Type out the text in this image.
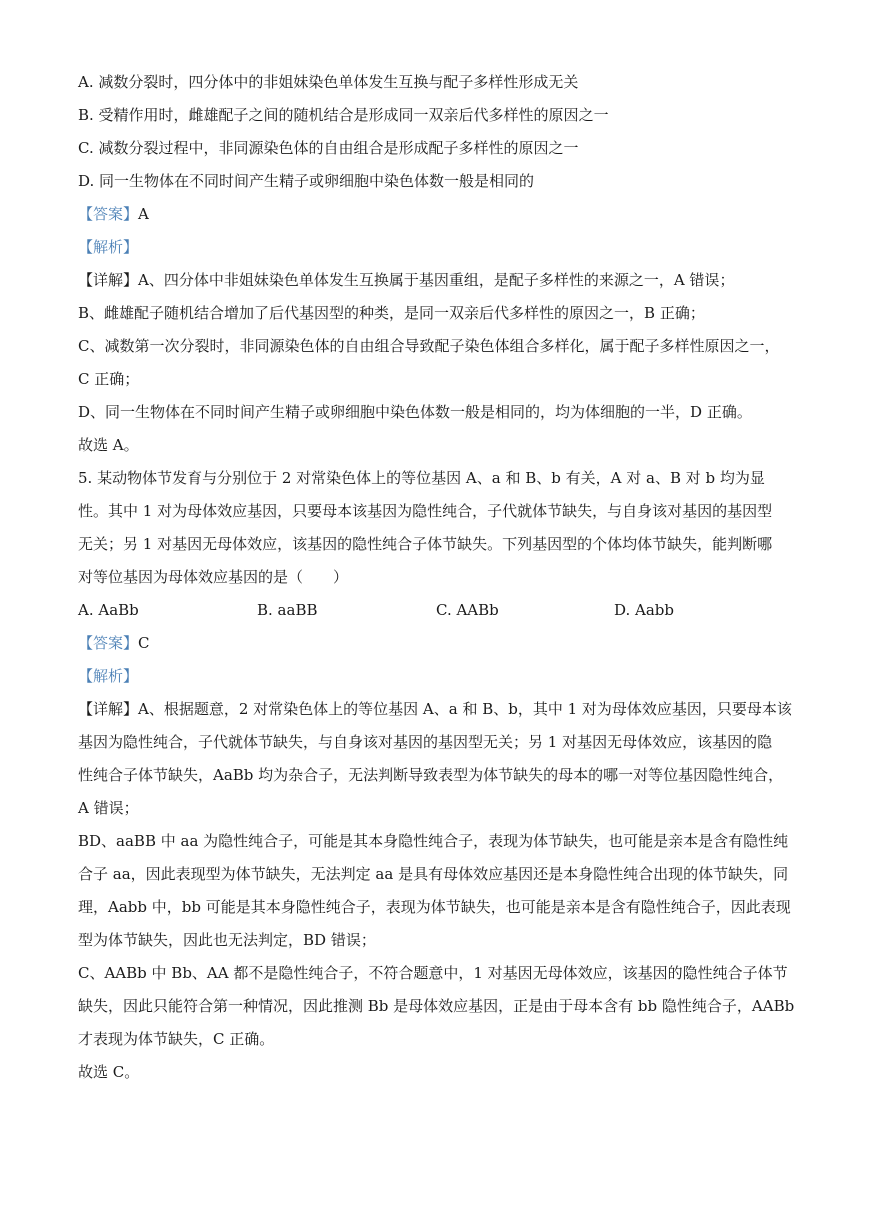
A. 减数分裂时，四分体中的非姐妹染色单体发生互换与配子多样性形成无关

B. 受精作用时，雌雄配子之间的随机结合是形成同一双亲后代多样性的原因之一

C. 减数分裂过程中，非同源染色体的自由组合是形成配子多样性的原因之一

D. 同一生物体在不同时间产生精子或卵细胞中染色体数一般是相同的

【答案】A

【解析】

【详解】A、四分体中非姐妹染色单体发生互换属于基因重组，是配子多样性的来源之一，A 错误；

B、雌雄配子随机结合增加了后代基因型的种类，是同一双亲后代多样性的原因之一，B 正确；

C、减数第一次分裂时，非同源染色体的自由组合导致配子染色体组合多样化，属于配子多样性原因之一，

C 正确；

D、同一生物体在不同时间产生精子或卵细胞中染色体数一般是相同的，均为体细胞的一半，D 正确。

故选 A。

5. 某动物体节发育与分别位于 2 对常染色体上的等位基因 A、a 和 B、b 有关，A 对 a、B 对 b 均为显

性。其中 1 对为母体效应基因，只要母本该基因为隐性纯合，子代就体节缺失，与自身该对基因的基因型

无关；另 1 对基因无母体效应，该基因的隐性纯合子体节缺失。下列基因型的个体均体节缺失，能判断哪

对等位基因为母体效应基因的是（　　）

A. AaBb	B. aaBB	C. AABb	D. Aabb

【答案】C

【解析】

【详解】A、根据题意，2 对常染色体上的等位基因 A、a 和 B、b，其中 1 对为母体效应基因，只要母本该

基因为隐性纯合，子代就体节缺失，与自身该对基因的基因型无关；另 1 对基因无母体效应，该基因的隐

性纯合子体节缺失，AaBb 均为杂合子，无法判断导致表型为体节缺失的母本的哪一对等位基因隐性纯合，

A 错误；

BD、aaBB 中 aa 为隐性纯合子，可能是其本身隐性纯合子，表现为体节缺失，也可能是亲本是含有隐性纯

合子 aa，因此表现型为体节缺失，无法判定 aa 是具有母体效应基因还是本身隐性纯合出现的体节缺失，同

理，Aabb 中，bb 可能是其本身隐性纯合子，表现为体节缺失，也可能是亲本是含有隐性纯合子，因此表现

型为体节缺失，因此也无法判定，BD 错误；

C、AABb 中 Bb、AA 都不是隐性纯合子，不符合题意中，1 对基因无母体效应，该基因的隐性纯合子体节

缺失，因此只能符合第一种情况，因此推测 Bb 是母体效应基因，正是由于母本含有 bb 隐性纯合子，AABb

才表现为体节缺失，C 正确。

故选 C。
